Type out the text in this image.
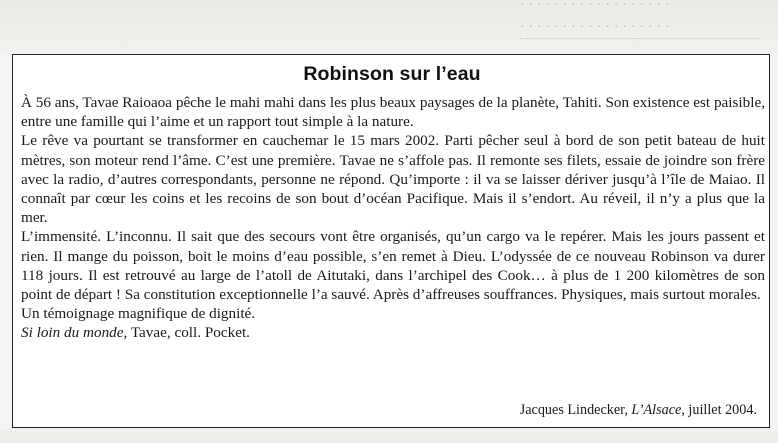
· · · · · · · · · · · · · · · · · ·
· · · · · · · · · · · · · · · · · ·
Robinson sur l’eau

À 56 ans, Tavae Raioaoa pêche le mahi mahi dans les plus beaux paysages de la planète, Tahiti. Son existence est paisible, entre une famille qui l’aime et un rapport tout simple à la nature.

Le rêve va pourtant se transformer en cauchemar le 15 mars 2002. Parti pêcher seul à bord de son petit bateau de huit mètres, son moteur rend l’âme. C’est une première. Tavae ne s’affole pas. Il remonte ses filets, essaie de joindre son frère avec la radio, d’autres correspondants, personne ne répond. Qu’importe : il va se laisser dériver jusqu’à l’île de Maiao. Il connaît par cœur les coins et les recoins de son bout d’océan Pacifique. Mais il s’endort. Au réveil, il n’y a plus que la mer.

L’immensité. L’inconnu. Il sait que des secours vont être organisés, qu’un cargo va le repérer. Mais les jours passent et rien. Il mange du poisson, boit le moins d’eau possible, s’en remet à Dieu. L’odyssée de ce nouveau Robinson va durer 118 jours. Il est retrouvé au large de l’atoll de Aitutaki, dans l’archipel des Cook… à plus de 1 200 kilomètres de son point de départ ! Sa constitution exceptionnelle l’a sauvé. Après d’affreuses souffrances. Physiques, mais surtout morales.

Un témoignage magnifique de dignité.

Si loin du monde, Tavae, coll. Pocket.

Jacques Lindecker, L’Alsace, juillet 2004.
